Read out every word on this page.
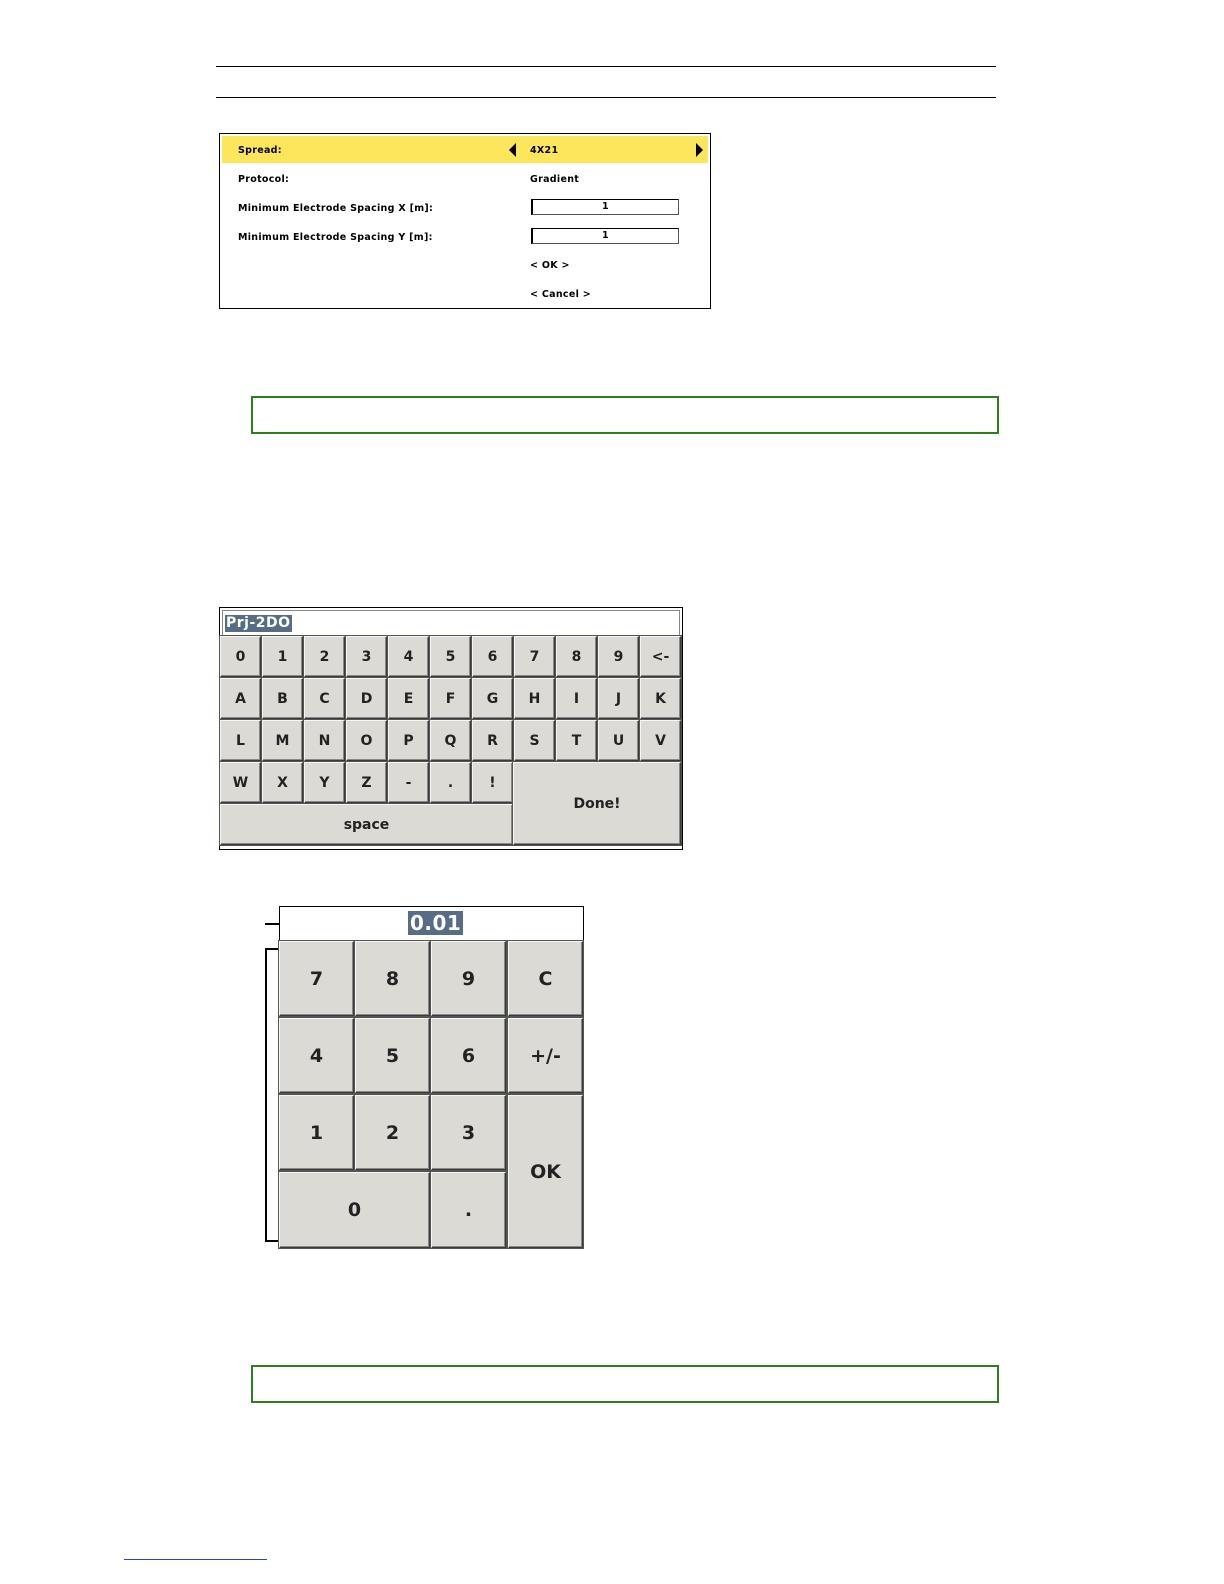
Spread:	4X21
Protocol:	Gradient
Minimum Electrode Spacing X [m]:	1
Minimum Electrode Spacing Y [m]:	1
< OK >
< Cancel >
Prj-2DO
0	1	2	3	4	5	6	7	8	9	<-
A	B	C	D	E	F	G	H	I	J	K
L	M	N	O	P	Q	R	S	T	U	V
W	X	Y	Z	-	.	!
space
Done!
0.01
7	8	9	C
4	5	6	+/-
1	2	3
OK
0	.
